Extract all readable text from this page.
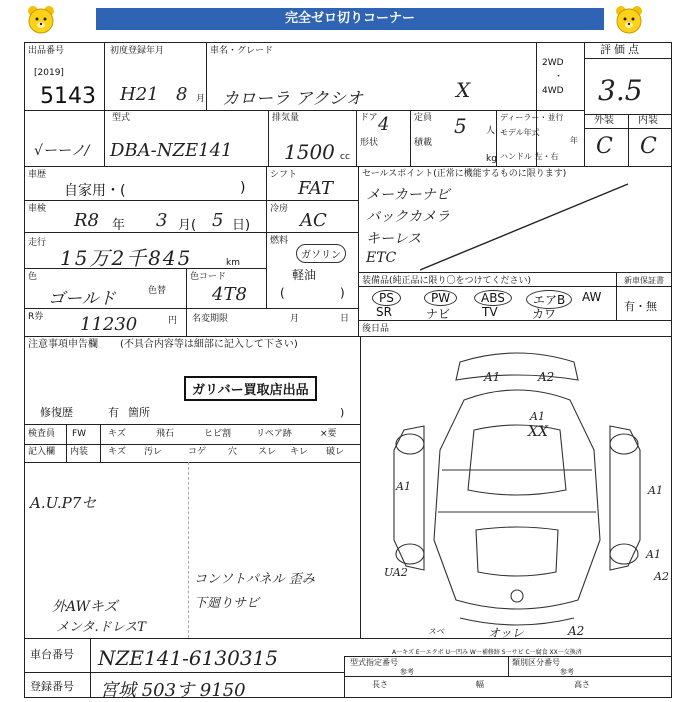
完全ゼロ切りコーナー
出品番号
[2019]
5143
初度登録年月
H21 8 月
車名・グレード
カローラ アクシオ	X
2WD
・
4WD
評価点
3.5
外装 内装
C C
√ーーノ/
型式
DBA-NZE141
排気量
1500 cc
ドア 4
形状
定員 5 人
積載
kg
ディーラー・並行
モデル年式
年
ハンドル 左・右
車歴
自家用・(	)
シフト
FAT
車検
R8 年 3 月( 5 日)
冷房
AC
走行
15万2千845	km
燃料
ガソリン
軽油
(	)
色
ゴールド	色替
色コード
4T8
R券 11230	円 名変期限	月	日
セールスポイント(正常に機能するものに限ります)
メーカーナビ
バックカメラ
キーレス
ETC
装備品(純正品に限り〇をつけてください)	新車保証書
有・無
PS	PW	ABS	エアB	AW
SR	ナビ	TV	カワ
後日品
注意事項申告欄 (不具合内容等は細部に記入して下さい)
ガリバー買取店出品
修復歴	有 箇所	)
検査員
記入欄
FW
内装
キズ	飛石	ヒビ割	リペア跡	×要
キズ 汚レ	コゲ 穴 スレ キレ 破レ
A.U.P7セ
コンソトパネル 歪み
下廻りサビ
外AWキズ
メンタ.ドレスT
A1	A2
A1
XX
A1	A1
UA2
A1
A2
オッレ	A2
スベ
A一キズ E一エクボ U一凹み W一補修跡 S一サビ C一腐食 XX一交換済
車台番号 NZE141-6130315
登録番号 宮城 503す 9150
型式指定番号
参考
類別区分番号
参考
長さ	幅	高さ
